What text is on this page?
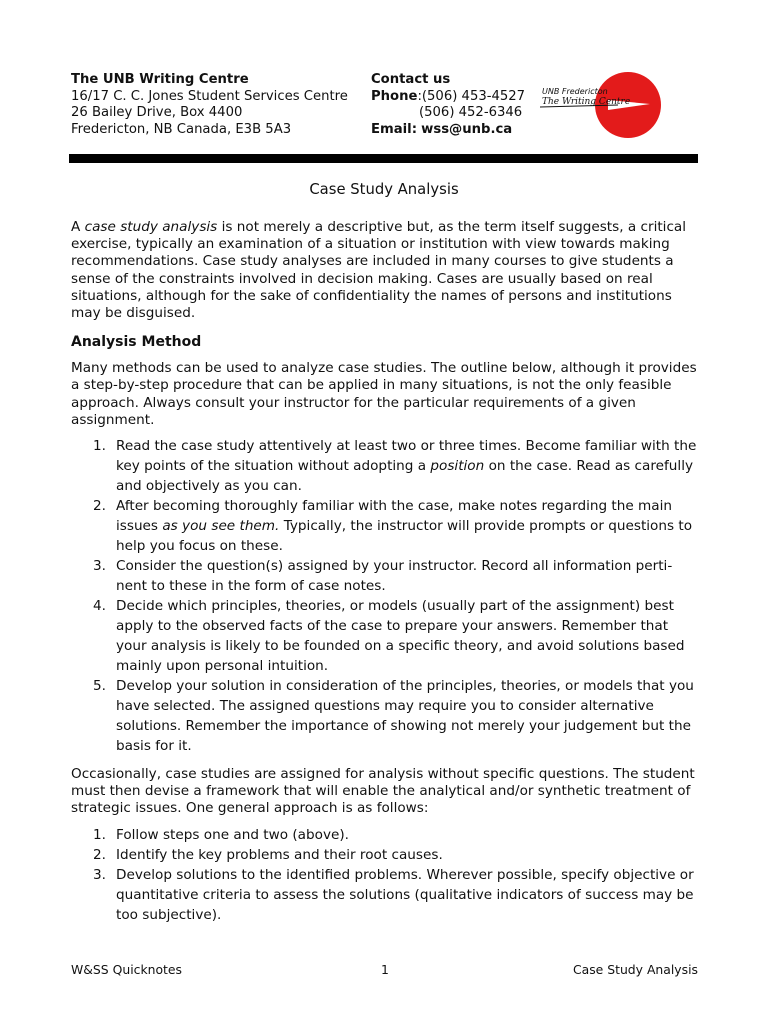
The UNB Writing Centre
16/17 C. C. Jones Student Services Centre
26 Bailey Drive, Box 4400
Fredericton, NB Canada, E3B 5A3
Contact us
Phone:(506) 453-4527
(506) 452-6346
Email: wss@unb.ca
UNB Fredericton
The Writing Centre
Case Study Analysis

A case study analysis is not merely a descriptive but, as the term itself suggests, a critical exercise, typically an examination of a situation or institution with view towards making recommendations. Case study analyses are included in many courses to give students a sense of the constraints involved in decision making. Cases are usually based on real situations, although for the sake of confidentiality the names of persons and institutions may be disguised.

Analysis Method

Many methods can be used to analyze case studies. The outline below, although it provides a step-by-step procedure that can be applied in many situations, is not the only feasible approach. Always consult your instructor for the particular requirements of a given assignment.

1. Read the case study attentively at least two or three times. Become familiar with the key points of the situation without adopting a position on the case. Read as carefully and objectively as you can.
2. After becoming thoroughly familiar with the case, make notes regarding the main issues as you see them. Typically, the instructor will provide prompts or questions to help you focus on these.
3. Consider the question(s) assigned by your instructor. Record all information perti-nent to these in the form of case notes.
4. Decide which principles, theories, or models (usually part of the assignment) best apply to the observed facts of the case to prepare your answers. Remember that your analysis is likely to be founded on a specific theory, and avoid solutions based mainly upon personal intuition.
5. Develop your solution in consideration of the principles, theories, or models that you have selected. The assigned questions may require you to consider alternative solutions. Remember the importance of showing not merely your judgement but the basis for it.

Occasionally, case studies are assigned for analysis without specific questions. The student must then devise a framework that will enable the analytical and/or synthetic treatment of strategic issues. One general approach is as follows:

1. Follow steps one and two (above).
2. Identify the key problems and their root causes.
3. Develop solutions to the identified problems. Wherever possible, specify objective or quantitative criteria to assess the solutions (qualitative indicators of success may be too subjective).
W&SS Quicknotes	1	Case Study Analysis
